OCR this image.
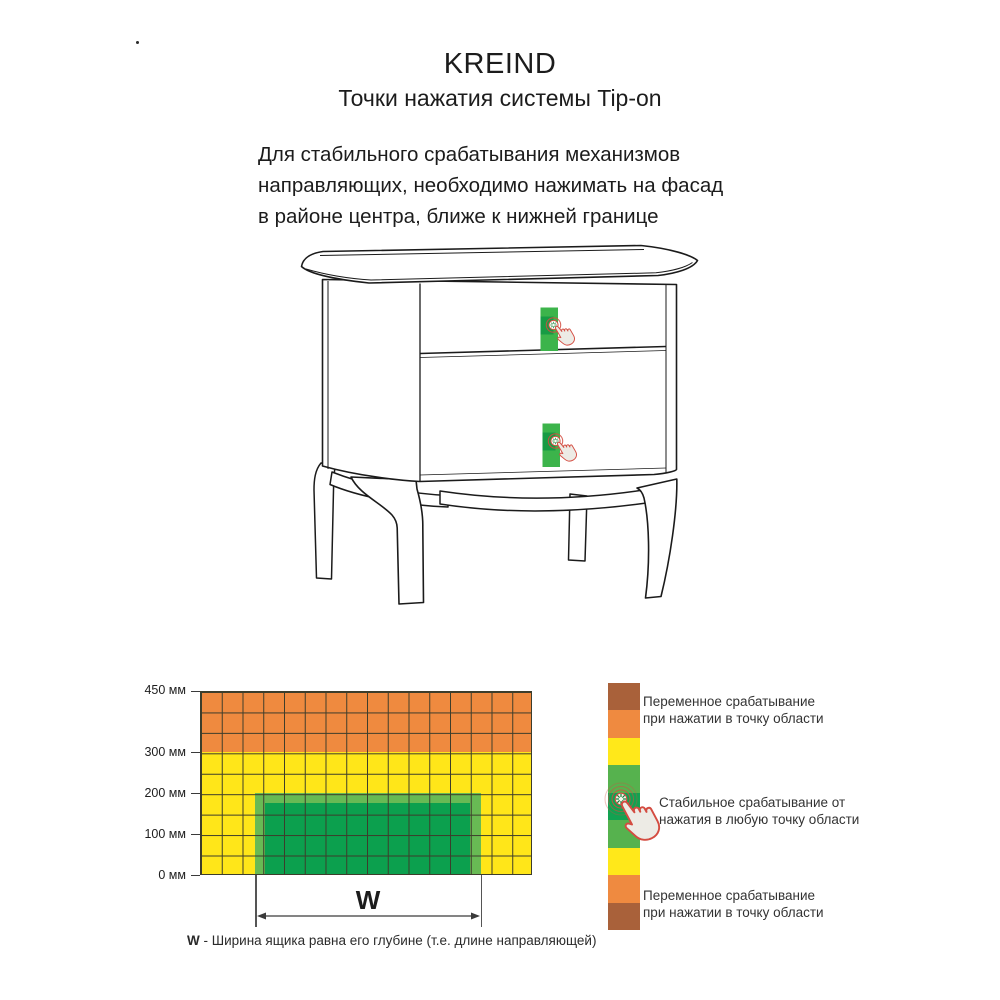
KREIND
Точки нажатия системы Tip-on
Для стабильного срабатывания механизмов
направляющих, необходимо нажимать на фасад
в районе центра, ближе к нижней границе
450 мм
300 мм
200 мм
100 мм
0 мм
W
W - Ширина ящика равна его глубине (т.е. длине направляющей)
Переменное срабатывание
при нажатии в точку области
Стабильное срабатывание от
нажатия в любую точку области
Переменное срабатывание
при нажатии в точку области
